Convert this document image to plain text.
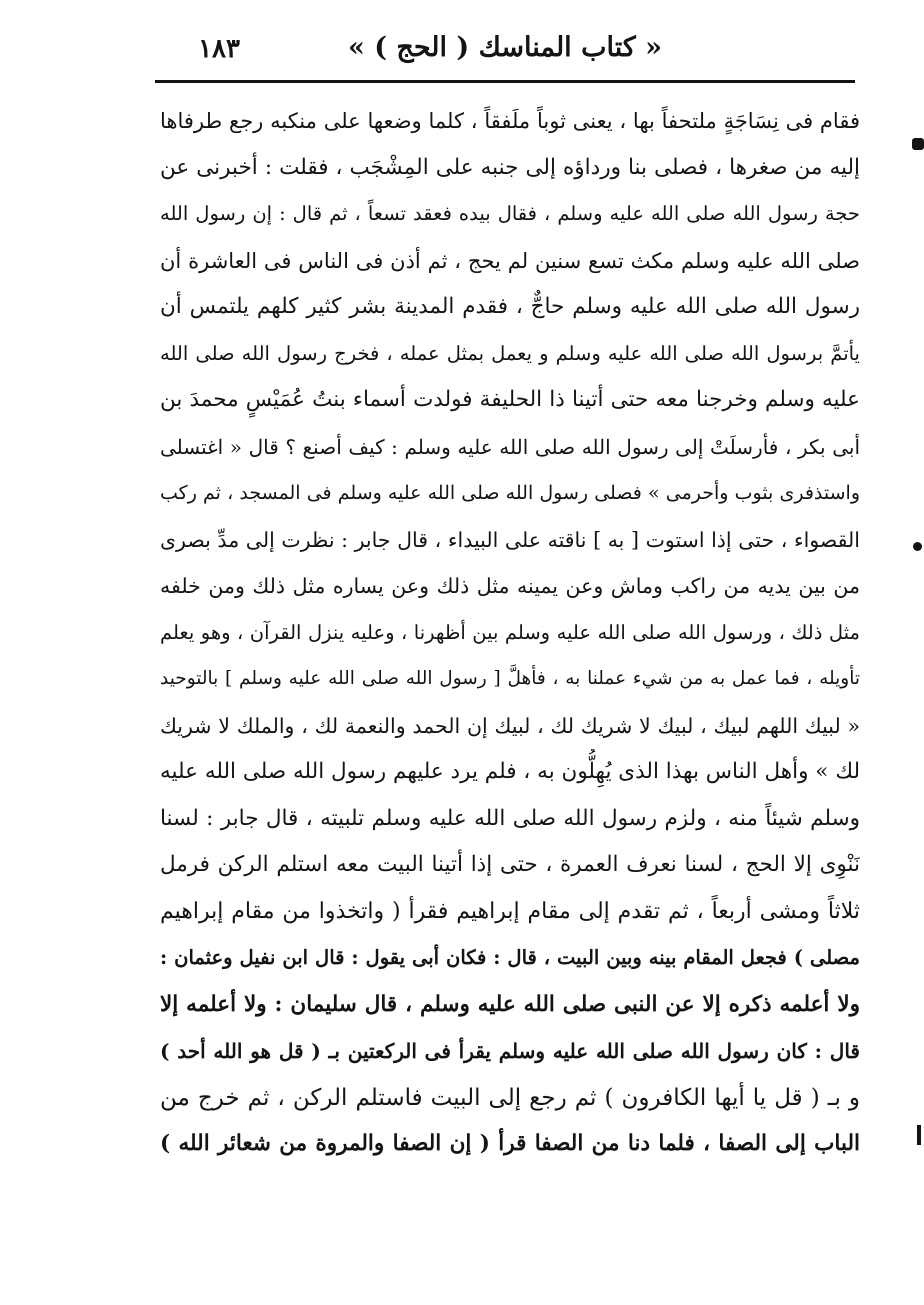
« كتاب المناسك ( الحج ) »
١٨٣
فقام فى نِسَاجَةٍ ملتحفاً بها ، يعنى ثوباً ملَفقاً ، كلما وضعها على منكبه رجع طرفاها
إليه من صغرها ، فصلى بنا ورداؤه إلى جنبه على المِشْجَب ، فقلت : أخبرنى عن
حجة رسول الله صلى الله عليه وسلم ، فقال بيده فعقد تسعاً ، ثم قال : إن رسول الله
صلى الله عليه وسلم مكث تسع سنين لم يحج ، ثم أذن فى الناس فى العاشرة أن
رسول الله صلى الله عليه وسلم حاجٌّ ، فقدم المدينة بشر كثير كلهم يلتمس أن
يأتمَّ برسول الله صلى الله عليه وسلم و يعمل بمثل عمله ، فخرج رسول الله صلى الله
عليه وسلم وخرجنا معه حتى أتينا ذا الحليفة فولدت أسماء بنتُ عُمَيْسٍ محمدَ بن
أبى بكر ، فأرسلَتْ إلى رسول الله صلى الله عليه وسلم : كيف أصنع ؟ قال « اغتسلى
واستذفرى بثوب وأحرمى » فصلى رسول الله صلى الله عليه وسلم فى المسجد ، ثم ركب
القصواء ، حتى إذا استوت [ به ] ناقته على البيداء ، قال جابر : نظرت إلى مدِّ بصرى
من بين يديه من راكب وماش وعن يمينه مثل ذلك وعن يساره مثل ذلك ومن خلفه
مثل ذلك ، ورسول الله صلى الله عليه وسلم بين أظهرنا ، وعليه ينزل القرآن ، وهو يعلم
تأويله ، فما عمل به من شيء عملنا به ، فأهلَّ [ رسول الله صلى الله عليه وسلم ] بالتوحيد
« لبيك اللهم لبيك ، لبيك لا شريك لك ، لبيك إن الحمد والنعمة لك ، والملك لا شريك
لك » وأهل الناس بهذا الذى يُهِلُّون به ، فلم يرد عليهم رسول الله صلى الله عليه
وسلم شيئاً منه ، ولزم رسول الله صلى الله عليه وسلم تلبيته ، قال جابر : لسنا
نَنْوِى إلا الحج ، لسنا نعرف العمرة ، حتى إذا أتينا البيت معه استلم الركن فرمل
ثلاثاً ومشى أربعاً ، ثم تقدم إلى مقام إبراهيم فقرأ ( واتخذوا من مقام إبراهيم
مصلى ) فجعل المقام بينه وبين البيت ، قال : فكان أبى يقول : قال ابن نفيل وعثمان :
ولا أعلمه ذكره إلا عن النبى صلى الله عليه وسلم ، قال سليمان : ولا أعلمه إلا
قال : كان رسول الله صلى الله عليه وسلم يقرأ فى الركعتين بـ ( قل هو الله أحد )
و بـ ( قل يا أيها الكافرون ) ثم رجع إلى البيت فاستلم الركن ، ثم خرج من
الباب إلى الصفا ، فلما دنا من الصفا قرأ ( إن الصفا والمروة من شعائر الله )
